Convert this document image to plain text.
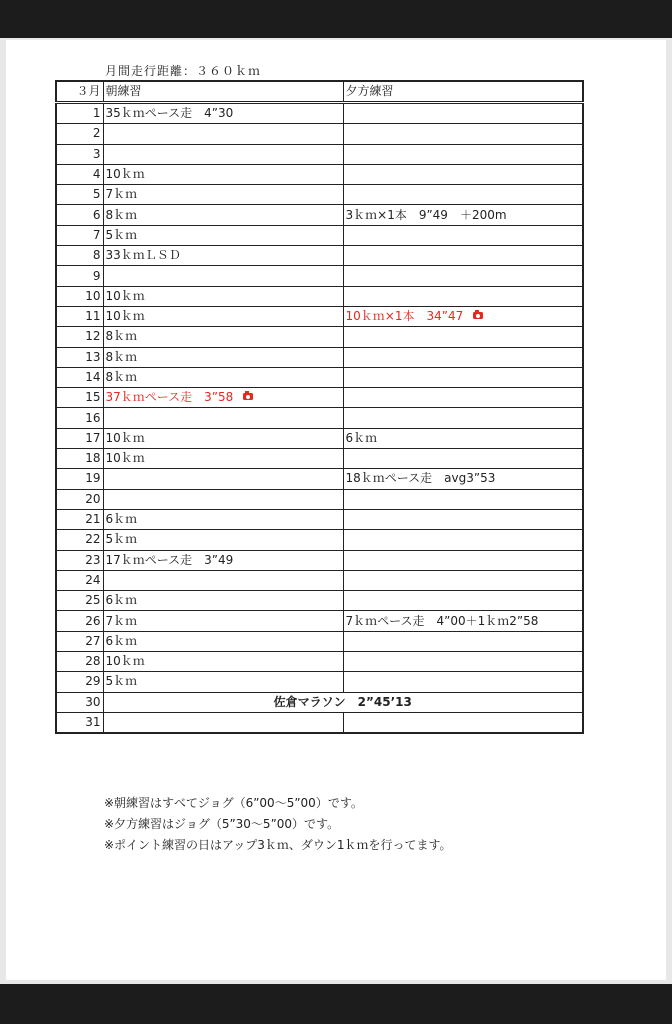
月間走行距離：３６０ｋｍ
３月	朝練習	夕方練習
1	35ｋｍペース走　4”30	
2		
3		
4	10ｋｍ	
5	7ｋｍ	
6	8ｋｍ	3ｋｍ×1本　9”49　＋200m
7	5ｋｍ	
8	33ｋｍＬＳＤ	
9		
10	10ｋｍ	
11	10ｋｍ	10ｋｍ×1本　34”47
12	8ｋｍ	
13	8ｋｍ	
14	8ｋｍ	
15	37ｋｍペース走　3”58	
16		
17	10ｋｍ	6ｋｍ
18	10ｋｍ	
19		18ｋｍペース走　avg3”53
20		
21	6ｋｍ	
22	5ｋｍ	
23	17ｋｍペース走　3”49	
24		
25	6ｋｍ	
26	7ｋｍ	7ｋｍペース走　4”00＋1ｋｍ2”58
27	6ｋｍ	
28	10ｋｍ	
29	5ｋｍ	
30	佐倉マラソン　2”45’13	
31		
※朝練習はすべてジョグ（6”00～5”00）です。
※夕方練習はジョグ（5”30～5”00）です。
※ポイント練習の日はアップ3ｋｍ、ダウン1ｋｍを行ってます。
